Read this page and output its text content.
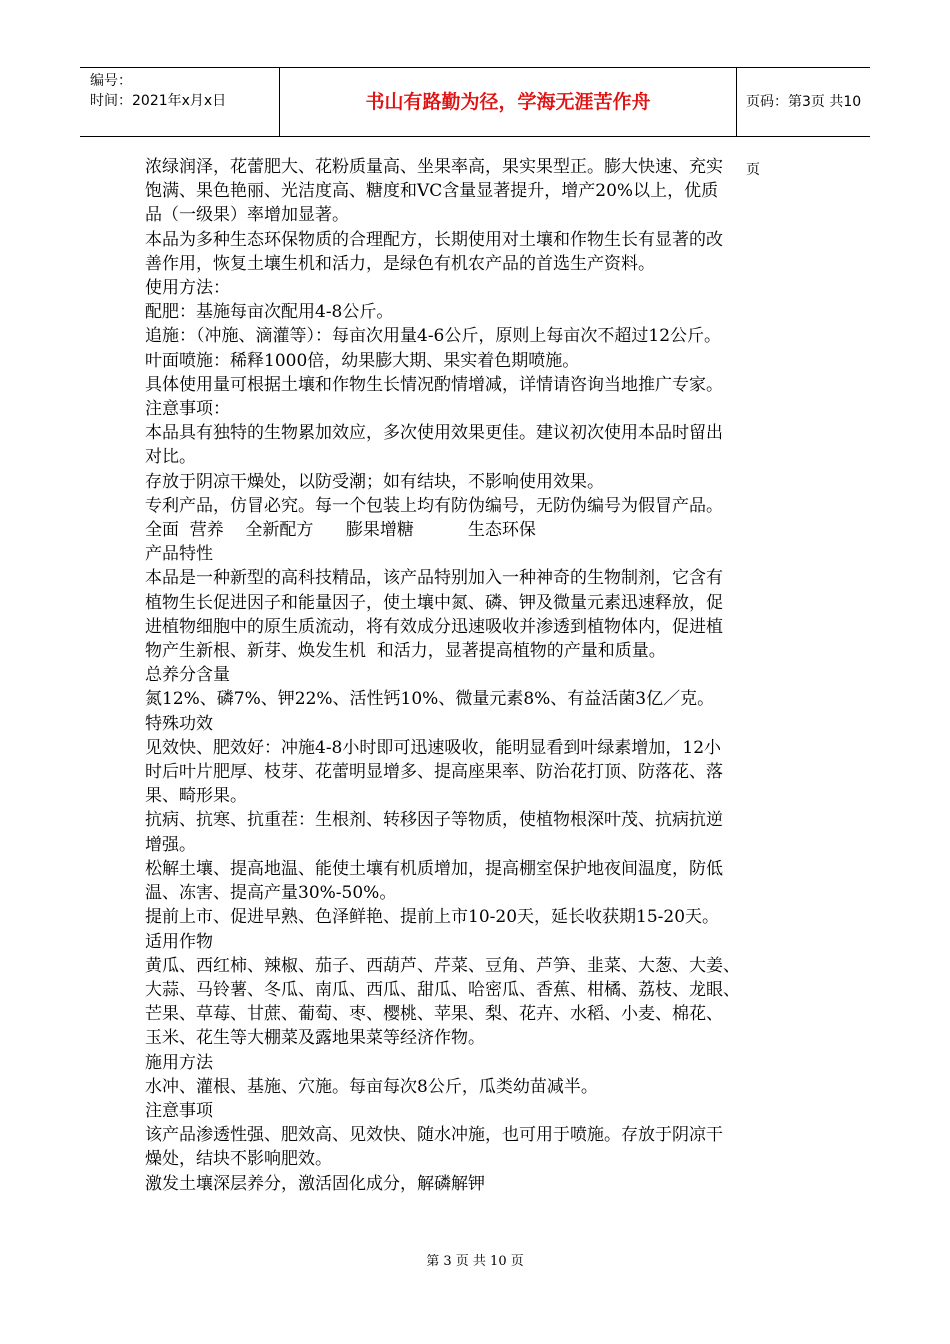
编号：
时间：2021年x月x日	书山有路勤为径，学海无涯苦作舟	页码：第3页 共10页

浓绿润泽，花蕾肥大、花粉质量高、坐果率高，果实果型正。膨大快速、充实

饱满、果色艳丽、光洁度高、糖度和VC含量显著提升，增产20%以上，优质

品（一级果）率增加显著。

本品为多种生态环保物质的合理配方，长期使用对土壤和作物生长有显著的改

善作用，恢复土壤生机和活力，是绿色有机农产品的首选生产资料。

使用方法：

配肥：基施每亩次配用4-8公斤。

追施：（冲施、滴灌等）：每亩次用量4-6公斤，原则上每亩次不超过12公斤。

叶面喷施：稀释1000倍，幼果膨大期、果实着色期喷施。

具体使用量可根据土壤和作物生长情况酌情增减，详情请咨询当地推广专家。

注意事项：

本品具有独特的生物累加效应，多次使用效果更佳。建议初次使用本品时留出

对比。

存放于阴凉干燥处，以防受潮；如有结块，不影响使用效果。

专利产品，仿冒必究。每一个包装上均有防伪编号，无防伪编号为假冒产品。

全面  营养    全新配方      膨果增糖          生态环保

产品特性

本品是一种新型的高科技精品，该产品特别加入一种神奇的生物制剂，它含有

植物生长促进因子和能量因子，使土壤中氮、磷、钾及微量元素迅速释放，促

进植物细胞中的原生质流动，将有效成分迅速吸收并渗透到植物体内，促进植

物产生新根、新芽、焕发生机  和活力，显著提高植物的产量和质量。

总养分含量

氮12%、磷7%、钾22%、活性钙10%、微量元素8%、有益活菌3亿／克。

特殊功效

见效快、肥效好：冲施4-8小时即可迅速吸收，能明显看到叶绿素增加，12小

时后叶片肥厚、枝芽、花蕾明显增多、提高座果率、防治花打顶、防落花、落

果、畸形果。

抗病、抗寒、抗重茬：生根剂、转移因子等物质，使植物根深叶茂、抗病抗逆

增强。

松解土壤、提高地温、能使土壤有机质增加，提高棚室保护地夜间温度，防低

温、冻害、提高产量30%-50%。

提前上市、促进早熟、色泽鲜艳、提前上市10-20天，延长收获期15-20天。

适用作物

黄瓜、西红柿、辣椒、茄子、西葫芦、芹菜、豆角、芦笋、韭菜、大葱、大姜、

大蒜、马铃薯、冬瓜、南瓜、西瓜、甜瓜、哈密瓜、香蕉、柑橘、荔枝、龙眼、

芒果、草莓、甘蔗、葡萄、枣、樱桃、苹果、梨、花卉、水稻、小麦、棉花、

玉米、花生等大棚菜及露地果菜等经济作物。

施用方法

水冲、灌根、基施、穴施。每亩每次8公斤，瓜类幼苗减半。

注意事项

该产品渗透性强、肥效高、见效快、随水冲施，也可用于喷施。存放于阴凉干

燥处，结块不影响肥效。

激发土壤深层养分，激活固化成分，解磷解钾

第 3 页 共 10 页
